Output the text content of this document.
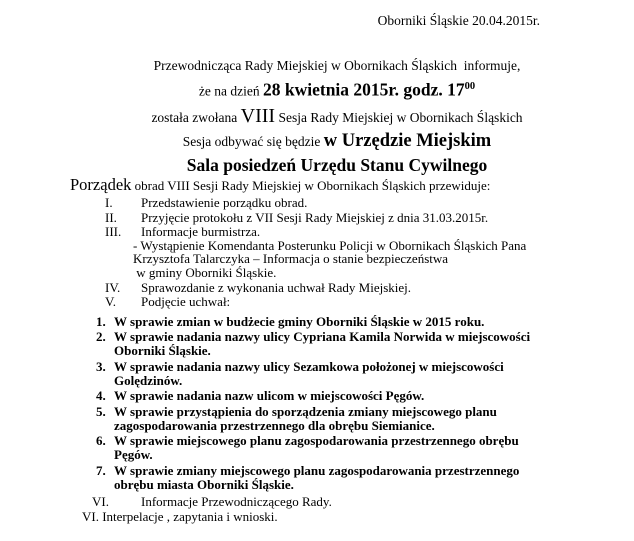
Oborniki Śląskie 20.04.2015r.
Przewodnicząca Rady Miejskiej w Obornikach Śląskich  informuje,
że na dzień 28 kwietnia 2015r. godz. $17^{00}$
została zwołana VIII Sesja Rady Miejskiej w Obornikach Śląskich
Sesja odbywać się będzie w Urzędzie Miejskim
Sala posiedzeń Urzędu Stanu Cywilnego
Porządek obrad VIII Sesji Rady Miejskiej w Obornikach Śląskich przewiduje:
I.	Przedstawienie porządku obrad.
II.	Przyjęcie protokołu z VII Sesji Rady Miejskiej z dnia 31.03.2015r.
III.	Informacje burmistrza.
- Wystąpienie Komendanta Posterunku Policji w Obornikach Śląskich Pana
Krzysztofa Talarczyka – Informacja o stanie bezpieczeństwa
w gminy Oborniki Śląskie.
IV.	Sprawozdanie z wykonania uchwał Rady Miejskiej.
V.	Podjęcie uchwał:
1. W sprawie zmian w budżecie gminy Oborniki Śląskie w 2015 roku.
2. W sprawie nadania nazwy ulicy Cypriana Kamila Norwida w miejscowości
Oborniki Śląskie.
3. W sprawie nadania nazwy ulicy Sezamkowa położonej w miejscowości
Golędzinów.
4. W sprawie nadania nazw ulicom w miejscowości Pęgów.
5. W sprawie przystąpienia do sporządzenia zmiany miejscowego planu
zagospodarowania przestrzennego dla obrębu Siemianice.
6. W sprawie miejscowego planu zagospodarowania przestrzennego obrębu
Pęgów.
7. W sprawie zmiany miejscowego planu zagospodarowania przestrzennego
obrębu miasta Oborniki Śląskie.
VI.	Informacje Przewodniczącego Rady.
VI. Interpelacje , zapytania i wnioski.
